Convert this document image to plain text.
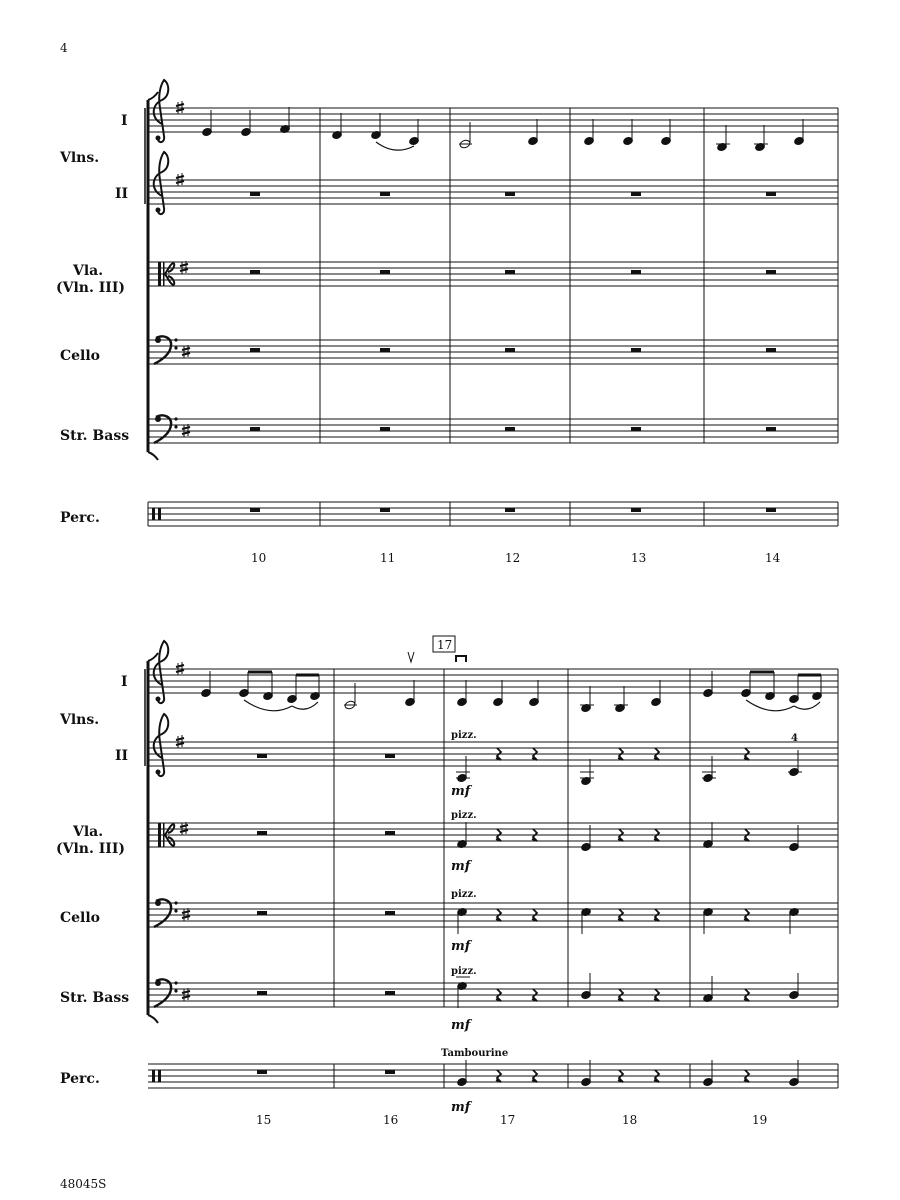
4
48045S
10	11	12	13	14
I
Vlns.
II
Vla.
(Vln. III)
Cello
Str. Bass
Perc.
17
pizz.
pizz.
pizz.
pizz.
Tambourine
4
mf
mf
mf
mf
mf
15	16	17	18	19
I
Vlns.
II
Vla.
(Vln. III)
Cello
Str. Bass
Perc.
